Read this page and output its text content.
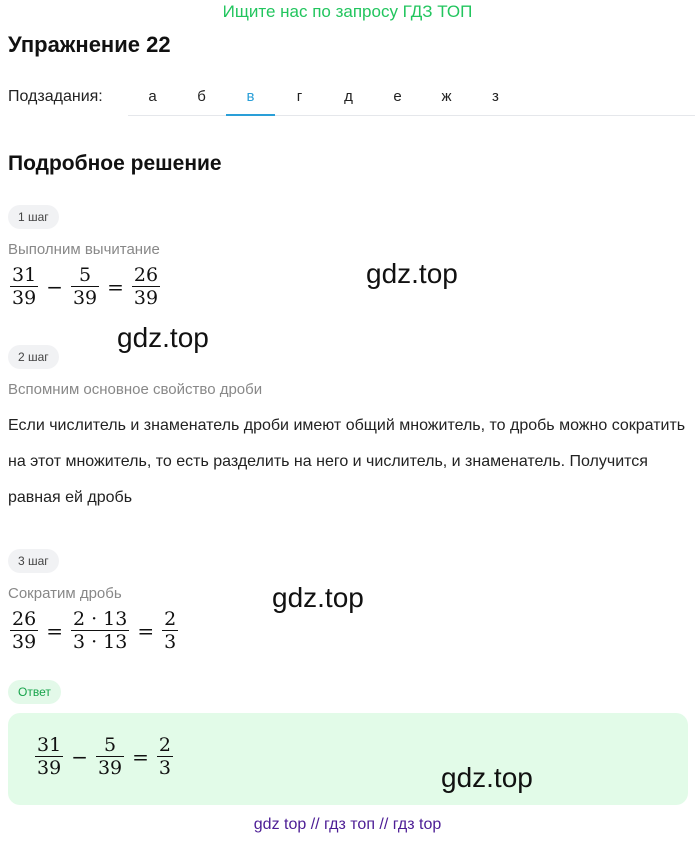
Ищите нас по запросу ГДЗ ТОП
Упражнение 22
Подзадания:	а	б	в	г	д	е	ж	з
Подробное решение
1 шаг
Выполним вычитание
$\frac{31}{39} - \frac{5}{39} = \frac{26}{39}$	gdz.top
gdz.top
2 шаг
Вспомним основное свойство дроби
Если числитель и знаменатель дроби имеют общий множитель, то дробь можно сократить на этот множитель, то есть разделить на него и числитель, и знаменатель. Получится равная ей дробь
3 шаг
Сократим дробь
$\frac{26}{39} = \frac{2 \cdot 13}{3 \cdot 13} = \frac{2}{3}$
gdz.top
Ответ
$\frac{31}{39} - \frac{5}{39} = \frac{2}{3}$	gdz.top
gdz top // гдз топ // гдз top
